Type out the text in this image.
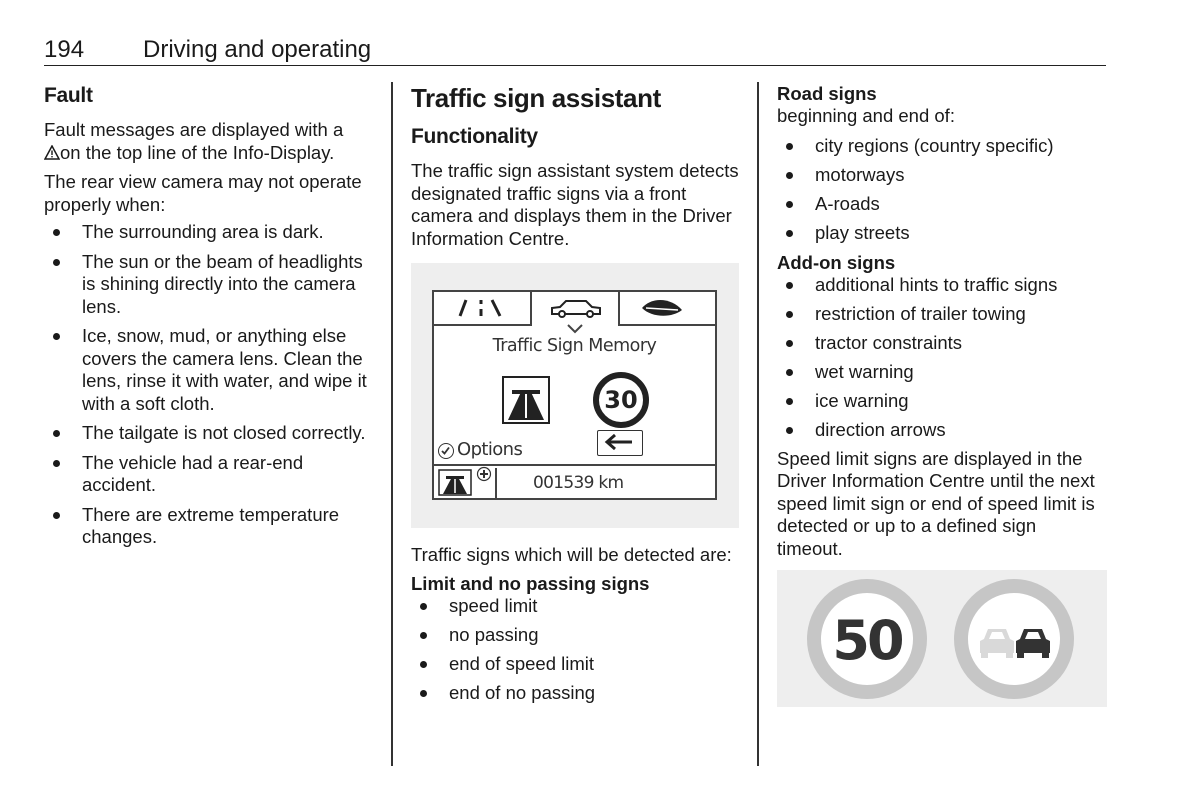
194 Driving and operating
Fault
Fault messages are displayed with a
on the top line of the Info-Display.
The rear view camera may not operate properly when:
The surrounding area is dark.
The sun or the beam of headlights is shining directly into the camera lens.
Ice, snow, mud, or anything else covers the camera lens. Clean the lens, rinse it with water, and wipe it with a soft cloth.
The tailgate is not closed correctly.
The vehicle had a rear-end accident.
There are extreme temperature changes.
Traffic sign assistant
Functionality
The traffic sign assistant system detects designated traffic signs via a front camera and displays them in the Driver Information Centre.
Traffic Sign Memory
30
Options
001539 km
Traffic signs which will be detected are:
Limit and no passing signs
speed limit
no passing
end of speed limit
end of no passing
Road signs
beginning and end of:
city regions (country specific)
motorways
A-roads
play streets
Add-on signs
additional hints to traffic signs
restriction of trailer towing
tractor constraints
wet warning
ice warning
direction arrows
Speed limit signs are displayed in the Driver Information Centre until the next speed limit sign or end of speed limit is detected or up to a defined sign timeout.
50
